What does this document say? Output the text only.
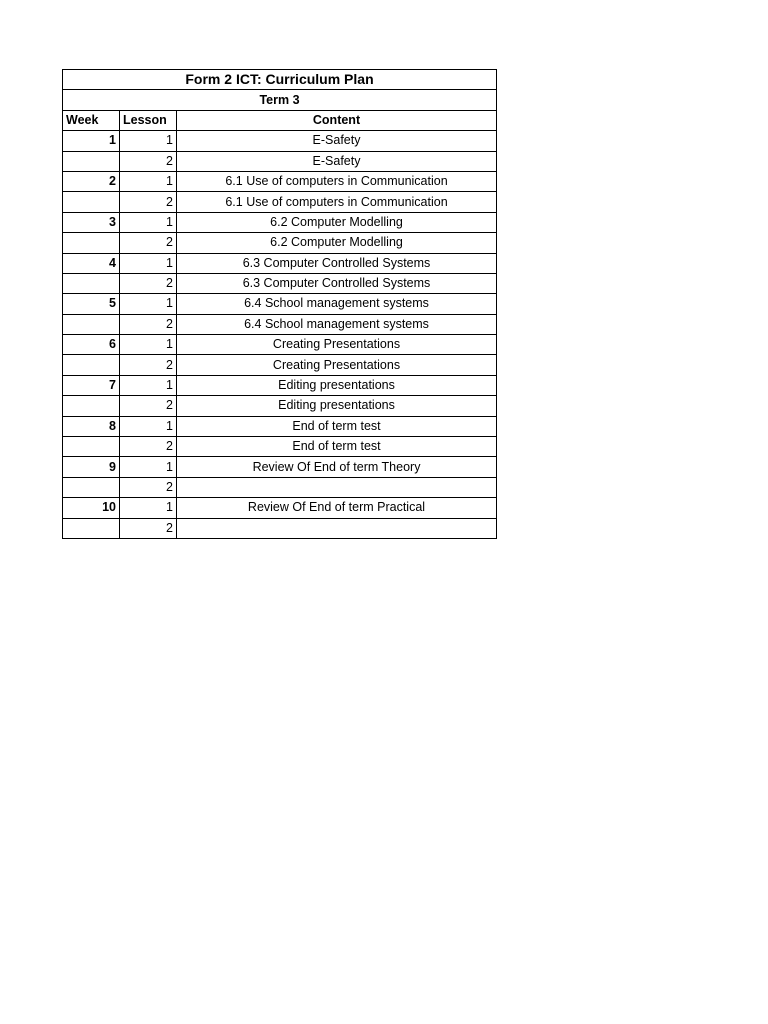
Form 2 ICT: Curriculum Plan		
Term 3		
Week	Lesson	Content
1	1	E-Safety
	2	E-Safety
2	1	6.1 Use of computers in Communication
	2	6.1 Use of computers in Communication
3	1	6.2 Computer Modelling
	2	6.2 Computer Modelling
4	1	6.3 Computer Controlled Systems
	2	6.3 Computer Controlled Systems
5	1	6.4 School management systems
	2	6.4 School management systems
6	1	Creating Presentations
	2	Creating Presentations
7	1	Editing presentations
	2	Editing presentations
8	1	End of term test
	2	End of term test
9	1	Review Of End of term Theory
	2	
10	1	Review Of End of term Practical
	2	
